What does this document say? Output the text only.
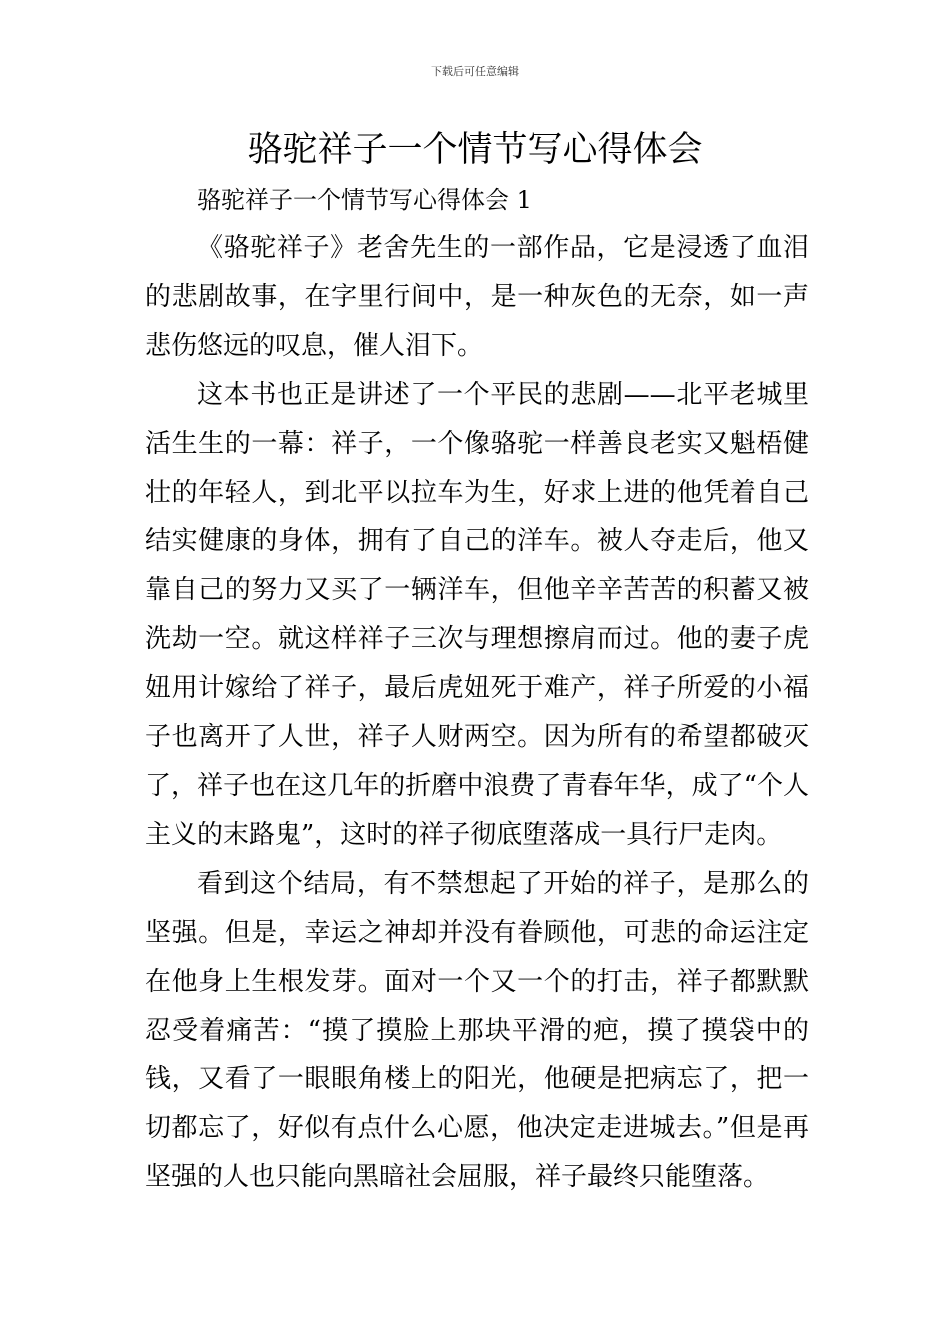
下载后可任意编辑
骆驼祥子一个情节写心得体会

骆驼祥子一个情节写心得体会 1

《骆驼祥子》老舍先生的一部作品，它是浸透了血泪的悲剧故事，在字里行间中，是一种灰色的无奈，如一声悲伤悠远的叹息，催人泪下。

这本书也正是讲述了一个平民的悲剧——北平老城里活生生的一幕：祥子，一个像骆驼一样善良老实又魁梧健壮的年轻人，到北平以拉车为生，好求上进的他凭着自己结实健康的身体，拥有了自己的洋车。被人夺走后，他又靠自己的努力又买了一辆洋车，但他辛辛苦苦的积蓄又被洗劫一空。就这样祥子三次与理想擦肩而过。他的妻子虎妞用计嫁给了祥子，最后虎妞死于难产，祥子所爱的小福子也离开了人世，祥子人财两空。因为所有的希望都破灭了，祥子也在这几年的折磨中浪费了青春年华，成了“个人主义的末路鬼”，这时的祥子彻底堕落成一具行尸走肉。

看到这个结局，有不禁想起了开始的祥子，是那么的坚强。但是，幸运之神却并没有眷顾他，可悲的命运注定在他身上生根发芽。面对一个又一个的打击，祥子都默默忍受着痛苦：“摸了摸脸上那块平滑的疤，摸了摸袋中的钱，又看了一眼眼角楼上的阳光，他硬是把病忘了，把一切都忘了，好似有点什么心愿，他决定走进城去。”但是再坚强的人也只能向黑暗社会屈服，祥子最终只能堕落。
